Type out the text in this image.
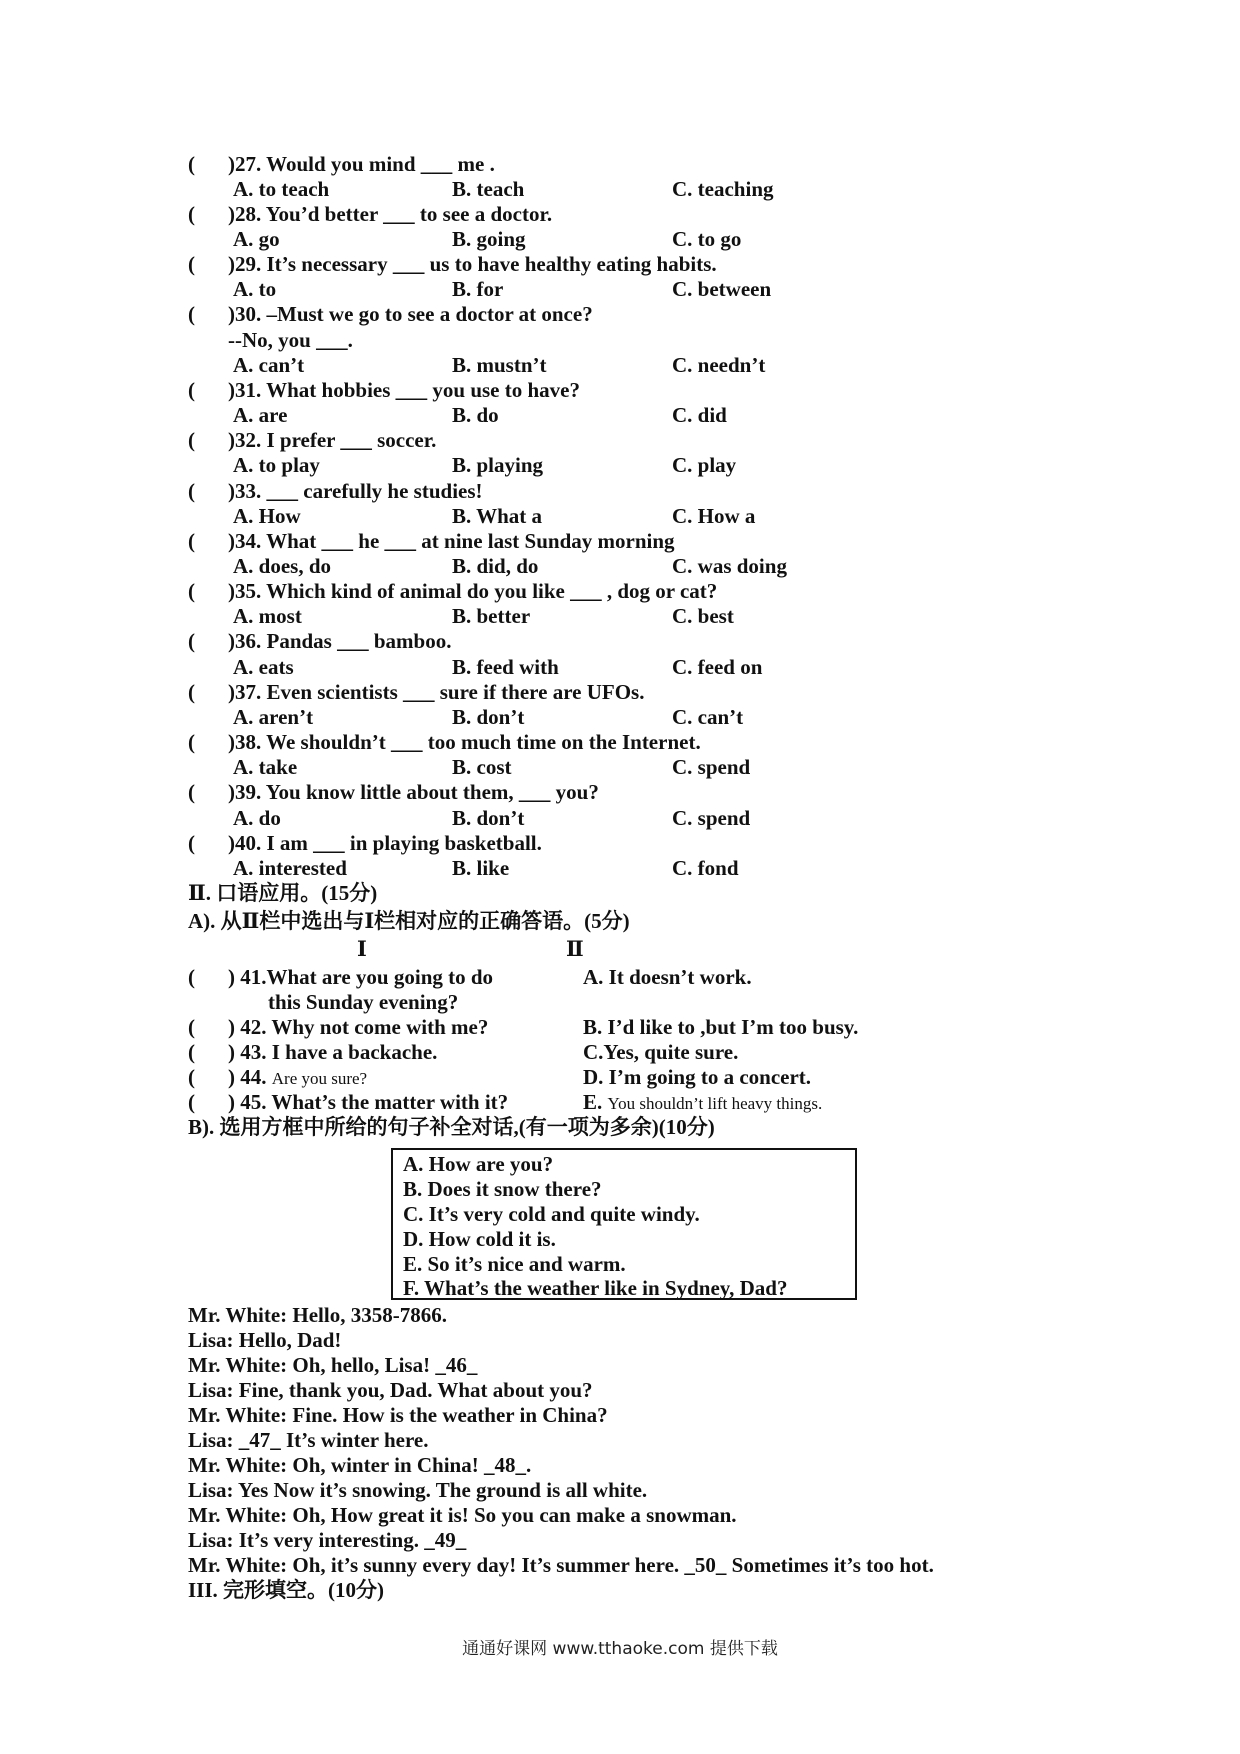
( )27. Would you mind ___ me .
A. to teach	B. teach	C. teaching
( )28. You’d better ___ to see a doctor.
A. go	B. going	C. to go
( )29. It’s necessary ___ us to have healthy eating habits.
A. to	B. for	C. between
( )30. –Must we go to see a doctor at once?
--No, you ___.
A. can’t	B. mustn’t	C. needn’t
( )31. What hobbies ___ you use to have?
A. are	B. do	C. did
( )32. I prefer ___ soccer.
A. to play	B. playing	C. play
( )33. ___ carefully he studies!
A. How	B. What a	C. How a
( )34. What ___ he ___ at nine last Sunday morning
A. does, do	B. did, do	C. was doing
( )35. Which kind of animal do you like ___ , dog or cat?
A. most	B. better	C. best
( )36. Pandas ___ bamboo.
A. eats	B. feed with	C. feed on
( )37. Even scientists ___ sure if there are UFOs.
A. aren’t	B. don’t	C. can’t
( )38. We shouldn’t ___ too much time on the Internet.
A. take	B. cost	C. spend
( )39. You know little about them, ___ you?
A. do	B. don’t	C. spend
( )40. I am ___ in playing basketball.
A. interested	B. like	C. fond
Ⅱ. 口语应用。(15分)
A). 从Ⅱ栏中选出与Ⅰ栏相对应的正确答语。(5分)
Ⅰ	Ⅱ
( ) 41.What are you going to do	A. It doesn’t work.
this Sunday evening?
( ) 42. Why not come with me?	B. I’d like to ,but I’m too busy.
( ) 43. I have a backache.	C.Yes, quite sure.
( ) 44. Are you sure?	D. I’m going to a concert.
( ) 45. What’s the matter with it?	E. You shouldn’t lift heavy things.
B). 选用方框中所给的句子补全对话,(有一项为多余)(10分)
A. How are you?
B. Does it snow there?
C. It’s very cold and quite windy.
D. How cold it is.
E. So it’s nice and warm.
F. What’s the weather like in Sydney, Dad?
Mr. White: Hello, 3358-7866.
Lisa: Hello, Dad!
Mr. White: Oh, hello, Lisa! _46_
Lisa: Fine, thank you, Dad. What about you?
Mr. White: Fine. How is the weather in China?
Lisa: _47_ It’s winter here.
Mr. White: Oh, winter in China! _48_.
Lisa: Yes Now it’s snowing. The ground is all white.
Mr. White: Oh, How great it is! So you can make a snowman.
Lisa: It’s very interesting. _49_
Mr. White: Oh, it’s sunny every day! It’s summer here. _50_ Sometimes it’s too hot.
III. 完形填空。(10分)
通通好课网 www.tthaoke.com 提供下载
